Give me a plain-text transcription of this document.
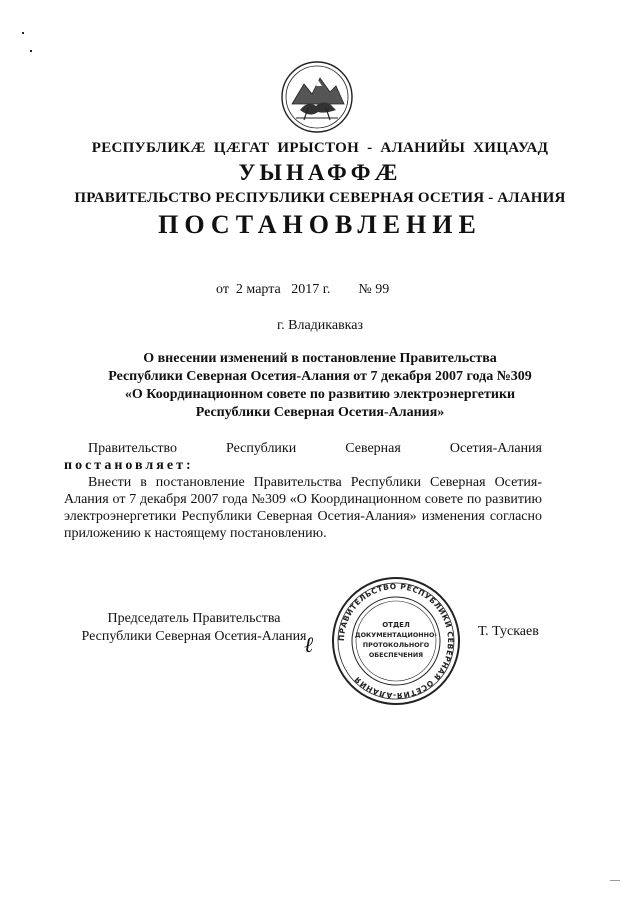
РЕСПУБЛИКӔ ЦӔГАТ ИРЫСТОН - АЛАНИЙЫ ХИЦАУАД
УЫНАФФӔ
ПРАВИТЕЛЬСТВО РЕСПУБЛИКИ СЕВЕРНАЯ ОСЕТИЯ - АЛАНИЯ
ПОСТАНОВЛЕНИЕ
от  2 марта   2017 г. № 99
г. Владикавказ
О внесении изменений в постановление Правительства
Республики Северная Осетия-Алания от 7 декабря 2007 года №309
«О Координационном совете по развитию электроэнергетики
Республики Северная Осетия-Алания»
Правительство Республики Северная Осетия-Алания
постановляет:
Внести в постановление Правительства Республики Северная Осетия-Алания от 7 декабря 2007 года №309 «О Координационном совете по развитию электроэнергетики Республики Северная Осетия-Алания» изменения согласно приложению к настоящему постановлению.
Председатель Правительства
Республики Северная Осетия-Алания
ℓ	ПРАВИТЕЛЬСТВО РЕСПУБЛИКИ СЕВЕРНАЯ ОСЕТИЯ-АЛАНИЯ
ОТДЕЛ
ДОКУМЕНТАЦИОННО-
ПРОТОКОЛЬНОГО
ОБЕСПЕЧЕНИЯ
Т. Тускаев
